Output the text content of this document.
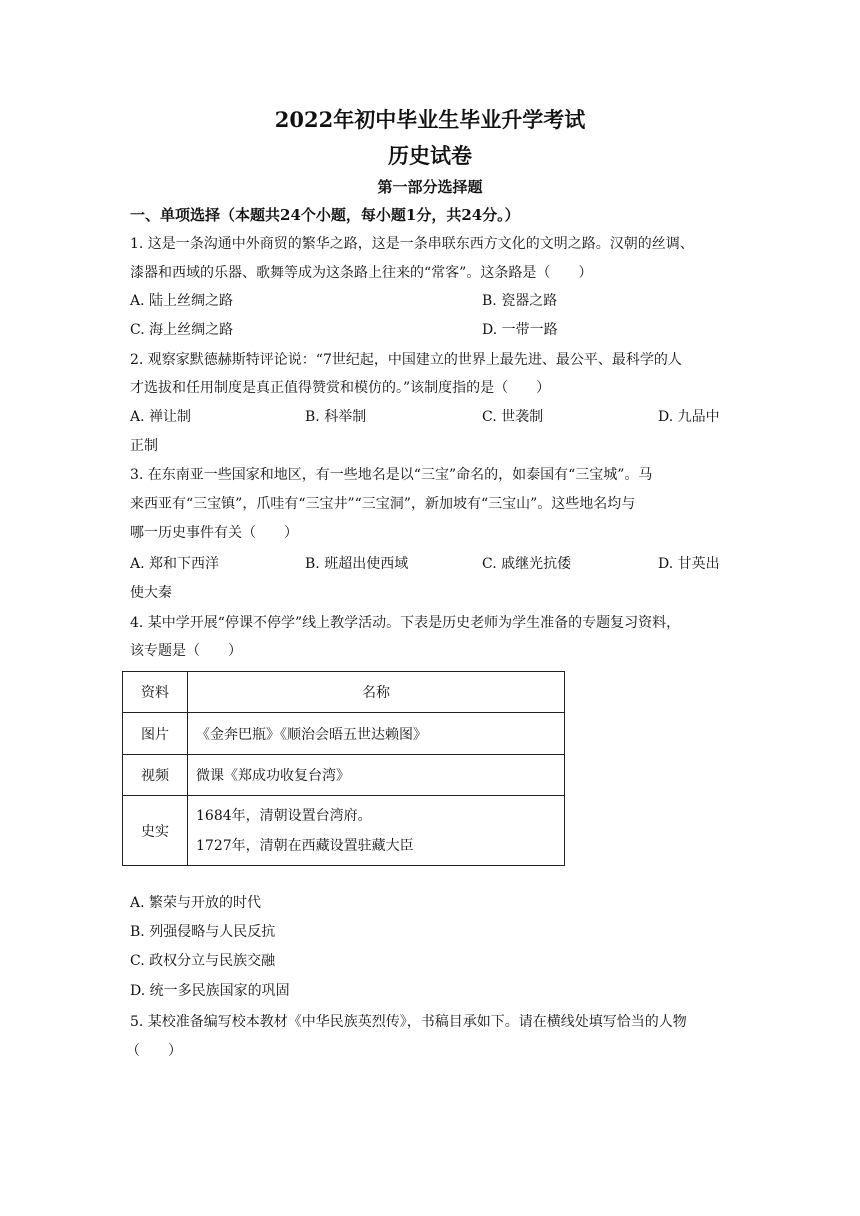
2022年初中毕业生毕业升学考试
历史试卷
第一部分选择题
一、单项选择（本题共24个小题，每小题1分，共24分。）
1. 这是一条沟通中外商贸的繁华之路，这是一条串联东西方文化的文明之路。汉朝的丝调、
漆器和西域的乐器、歌舞等成为这条路上往来的“常客”。这条路是（　　）
A. 陆上丝绸之路	B. 瓷器之路
C. 海上丝绸之路	D. 一带一路
2. 观察家默德赫斯特评论说：“7世纪起，中国建立的世界上最先进、最公平、最科学的人
才选拔和任用制度是真正值得赞赏和模仿的。”该制度指的是（　　）
A. 禅让制	B. 科举制	C. 世袭制	D. 九品中
正制
3. 在东南亚一些国家和地区，有一些地名是以“三宝”命名的，如泰国有“三宝城”。马
来西亚有“三宝镇”，爪哇有“三宝井”“三宝洞”，新加坡有“三宝山”。这些地名均与
哪一历史事件有关（　　）
A. 郑和下西洋	B. 班超出使西域	C. 戚继光抗倭	D. 甘英出
使大秦
4. 某中学开展“停课不停学”线上教学活动。下表是历史老师为学生准备的专题复习资料，
该专题是（　　）
资料	名称
图片	《金奔巴瓶》《顺治会晤五世达赖图》
视频	微课《郑成功收复台湾》
史实	1684年，清朝设置台湾府。
1727年，清朝在西藏设置驻藏大臣
A. 繁荣与开放的时代
B. 列强侵略与人民反抗
C. 政权分立与民族交融
D. 统一多民族国家的巩固
5. 某校准备编写校本教材《中华民族英烈传》，书稿目承如下。请在横线处填写恰当的人物
（　　）
